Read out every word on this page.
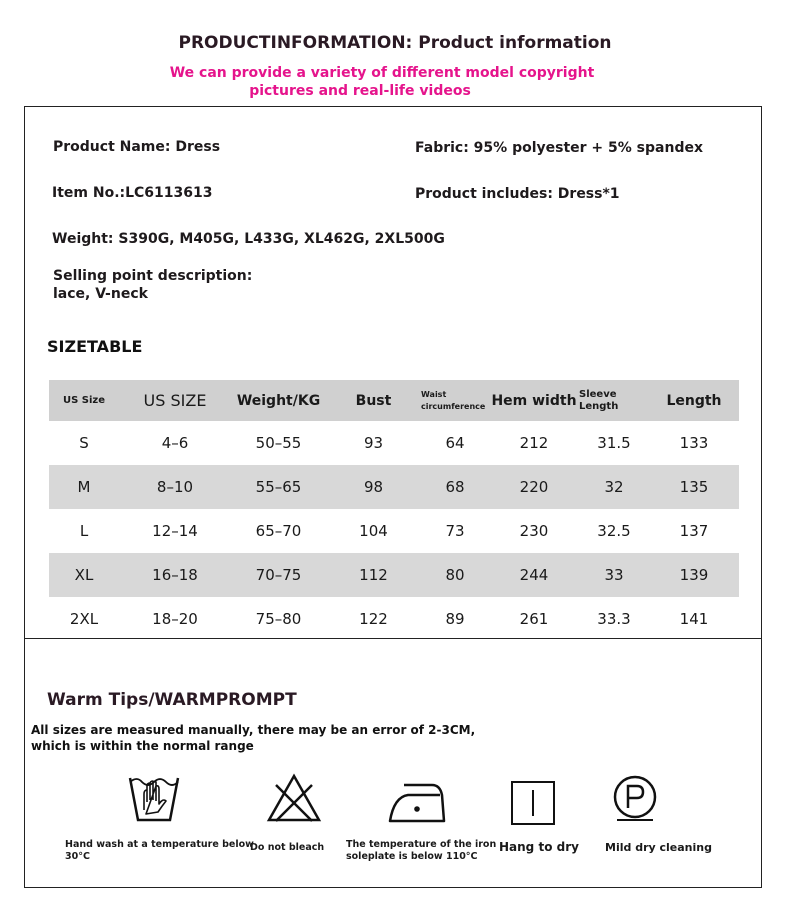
PRODUCTINFORMATION: Product information
We can provide a variety of different model copyright
pictures and real-life videos
Product Name: Dress	Fabric: 95% polyester + 5% spandex
Item No.:LC6113613	Product includes: Dress*1
Weight: S390G, M405G, L433G, XL462G, 2XL500G
Selling point description:
lace, V-neck
SIZETABLE
US Size	US SIZE	Weight/KG	Bust	Waist circumference	Hem width	Sleeve Length	Length
S	4–6	50–55	93	64	212	31.5	133
M	8–10	55–65	98	68	220	32	135
L	12–14	65–70	104	73	230	32.5	137
XL	16–18	70–75	112	80	244	33	139
2XL	18–20	75–80	122	89	261	33.3	141
Warm Tips/WARMPROMPT
All sizes are measured manually, there may be an error of 2-3CM,
which is within the normal range
Hand wash at a temperature below
30°C
Do not bleach The temperature of the iron
soleplate is below 110°C
Hang to dry Mild dry cleaning
